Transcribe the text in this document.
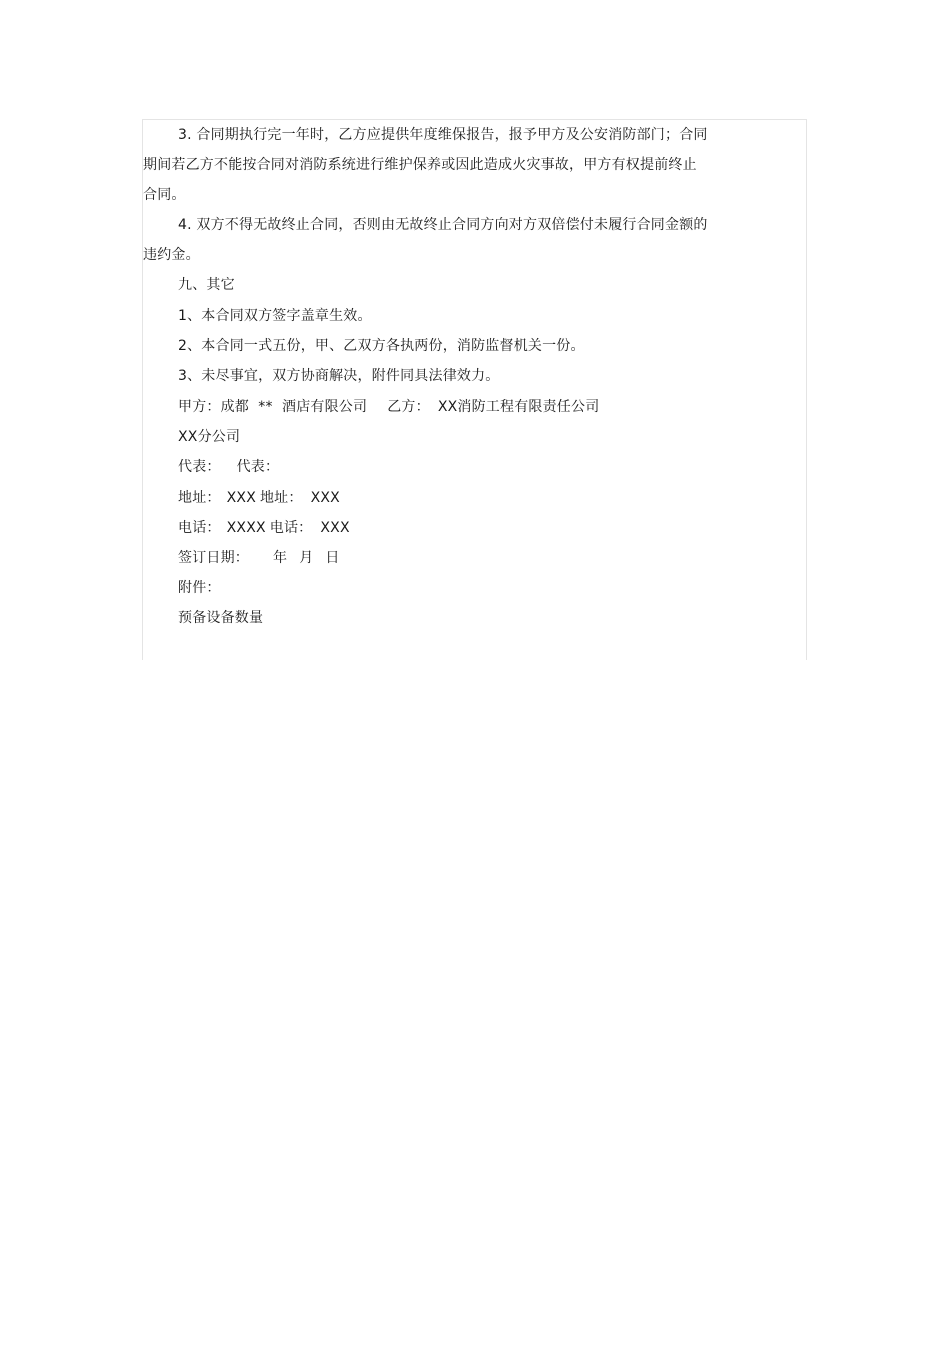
3. 合同期执行完一年时，乙方应提供年度维保报告，报予甲方及公安消防部门；合同
期间若乙方不能按合同对消防系统进行维护保养或因此造成火灾事故，甲方有权提前终止
合同。
4. 双方不得无故终止合同，否则由无故终止合同方向对方双倍偿付未履行合同金额的
违约金。
九、其它
1、本合同双方签字盖章生效。
2、本合同一式五份，甲、乙双方各执两份，消防监督机关一份。
3、未尽事宜，双方协商解决，附件同具法律效力。
甲方：成都  **  酒店有限公司 乙方： XX消防工程有限责任公司
XX分公司
代表： 代表：
地址： XXX 地址： XXX
电话： XXXX 电话： XXX
签订日期： 年 月 日
附件：
预备设备数量
